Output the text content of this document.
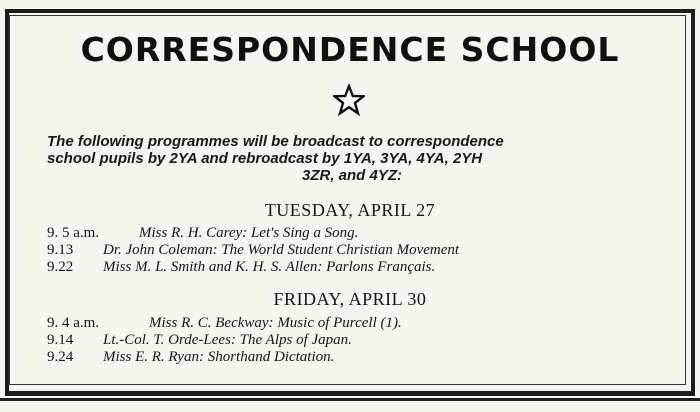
CORRESPONDENCE SCHOOL
The following programmes will be broadcast to correspondence
school pupils by 2YA and rebroadcast by 1YA, 3YA, 4YA, 2YH
3ZR, and 4YZ:
TUESDAY, APRIL 27
9. 5 a.m.	Miss R. H. Carey: Let's Sing a Song.
9.13 Dr. John Coleman: The World Student Christian Movement
9.22 Miss M. L. Smith and K. H. S. Allen: Parlons Français.
FRIDAY, APRIL 30
9. 4 a.m.	Miss R. C. Beckway: Music of Purcell (1).
9.14 Lt.-Col. T. Orde-Lees: The Alps of Japan.
9.24 Miss E. R. Ryan: Shorthand Dictation.
